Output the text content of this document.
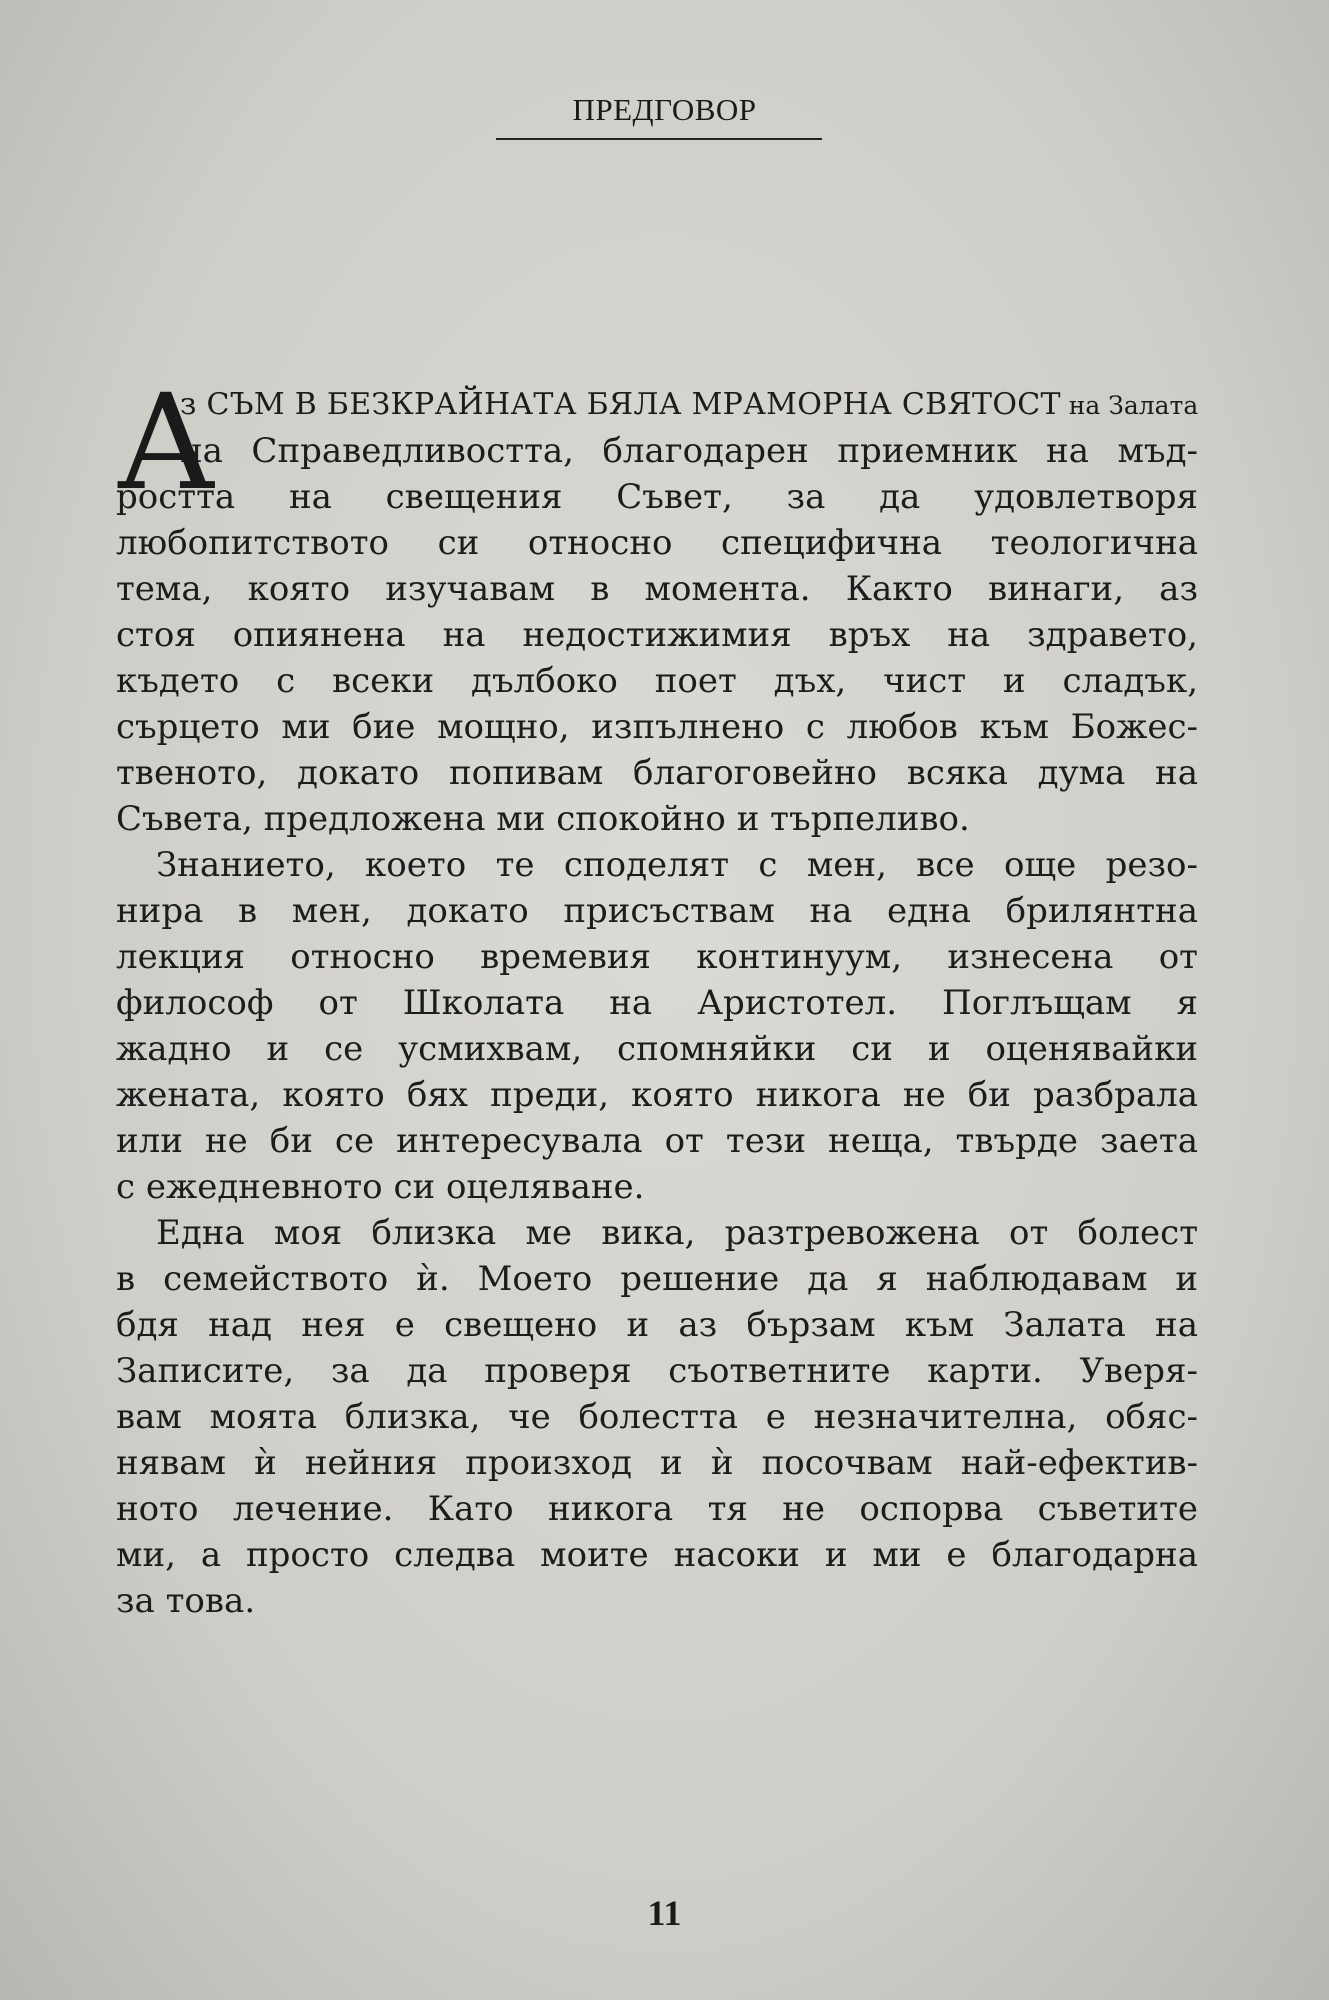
ПРЕДГОВОР
А
з СЪМ В БЕЗКРАЙНАТА БЯЛА МРАМОРНА СВЯТОСТ на Залата
на Справедливостта, благодарен приемник на мъд-
ростта на свещения Съвет, за да удовлетворя
любопитството си относно специфична теологична
тема, която изучавам в момента. Както винаги, аз
стоя опиянена на недостижимия връх на здравето,
където с всеки дълбоко поет дъх, чист и сладък,
сърцето ми бие мощно, изпълнено с любов към Божес-
твеното, докато попивам благоговейно всяка дума на
Съвета, предложена ми спокойно и търпеливо.
Знанието, което те споделят с мен, все още резо-
нира в мен, докато присъствам на една брилянтна
лекция относно времевия континуум, изнесена от
философ от Школата на Аристотел. Поглъщам я
жадно и се усмихвам, спомняйки си и оценявайки
жената, която бях преди, която никога не би разбрала
или не би се интересувала от тези неща, твърде заета
с ежедневното си оцеляване.
Една моя близка ме вика, разтревожена от болест
в семейството ѝ. Моето решение да я наблюдавам и
бдя над нея е свещено и аз бързам към Залата на
Записите, за да проверя съответните карти. Уверя-
вам моята близка, че болестта е незначителна, обяс-
нявам ѝ нейния произход и ѝ посочвам най-ефектив-
ното лечение. Като никога тя не оспорва съветите
ми, а просто следва моите насоки и ми е благодарна
за това.
11
